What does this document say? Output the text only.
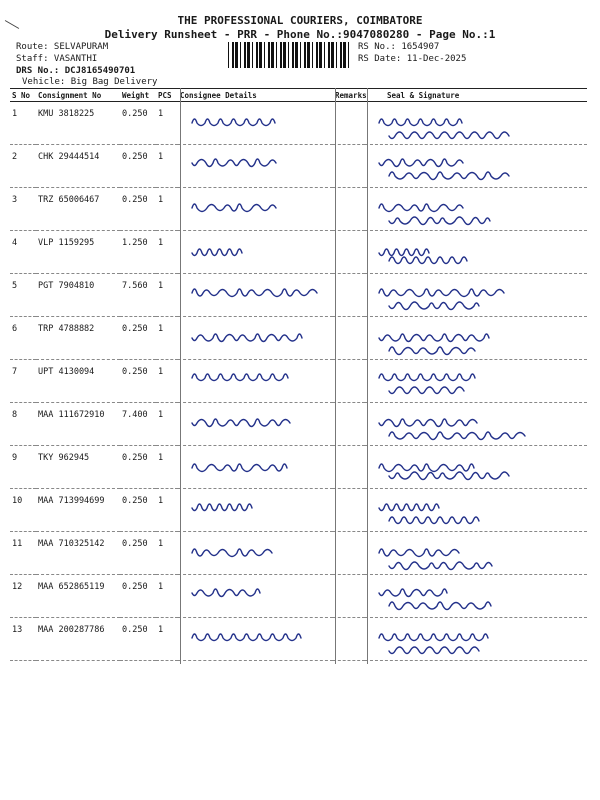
THE PROFESSIONAL COURIERS, COIMBATORE
Delivery Runsheet - PRR - Phone No.:9047080280 - Page No.:1
Route: SELVAPURAM
Staff: VASANTHI
DRS No.: DCJ8165490701
Vehicle: Big Bag Delivery
RS No.: 1654907
RS Date: 11-Dec-2025
S No	Consignment No	Weight	PCS	Consignee Details	Remarks	Seal & Signature
1	KMU 3818225	0.250	1	

2	CHK 29444514	0.250	1	

3	TRZ 65006467	0.250	1	

4	VLP 1159295	1.250	1	

5	PGT 7904810	7.560	1	

6	TRP 4788882	0.250	1	

7	UPT 4130094	0.250	1	

8	MAA 111672910	7.400	1	

9	TKY 962945	0.250	1	

10	MAA 713994699	0.250	1	

11	MAA 710325142	0.250	1	

12	MAA 652865119	0.250	1	

13	MAA 200287786	0.250	1	
